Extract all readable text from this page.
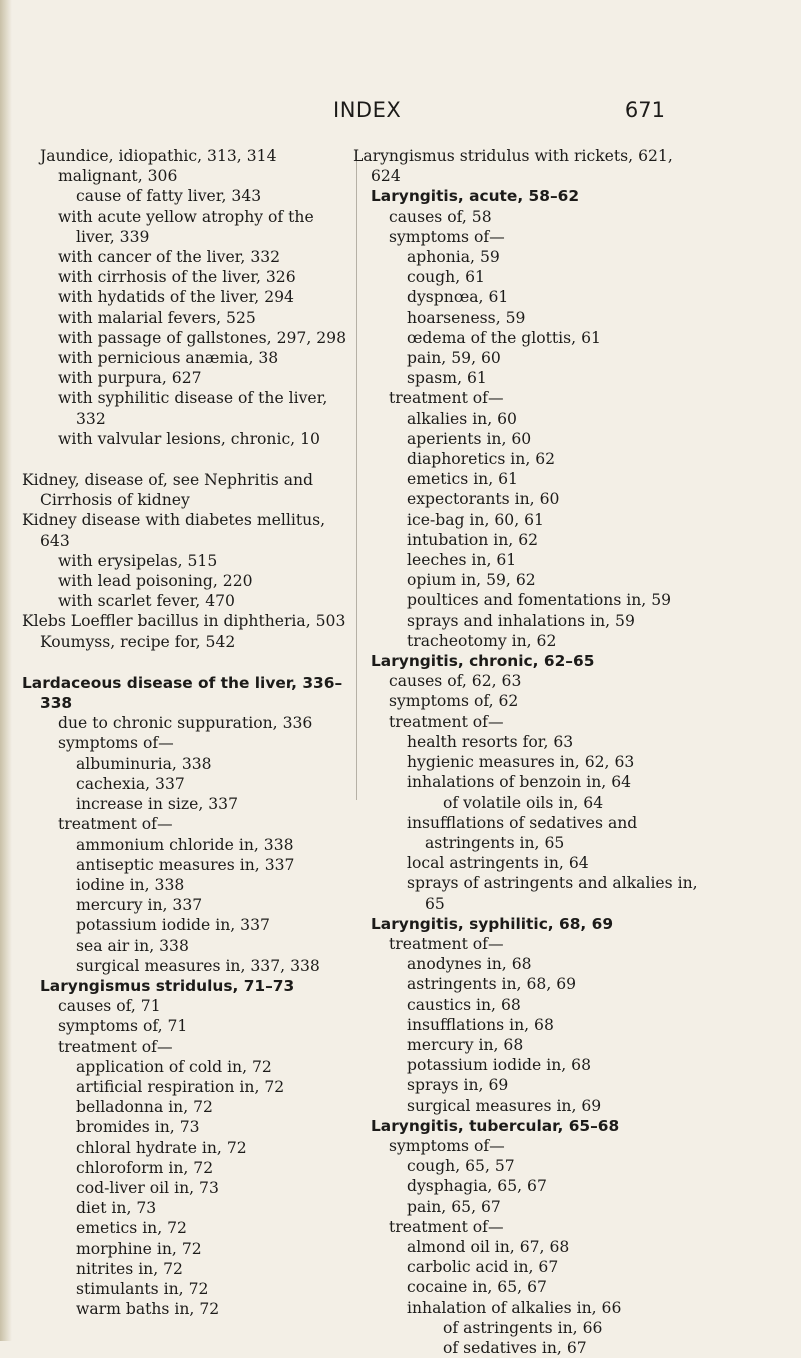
INDEX	671
Jaundice, idiopathic, 313, 314
malignant, 306
cause of fatty liver, 343
with acute yellow atrophy of the liver, 339
with cancer of the liver, 332
with cirrhosis of the liver, 326
with hydatids of the liver, 294
with malarial fevers, 525
with passage of gallstones, 297, 298
with pernicious anæmia, 38
with purpura, 627
with syphilitic disease of the liver, 332
with valvular lesions, chronic, 10
Kidney, disease of, see Nephritis and Cirrhosis of kidney
Kidney disease with diabetes mellitus, 643
with erysipelas, 515
with lead poisoning, 220
with scarlet fever, 470
Klebs Loeffler bacillus in diphtheria, 503
Koumyss, recipe for, 542
Lardaceous disease of the liver, 336–338
due to chronic suppuration, 336
symptoms of—
albuminuria, 338
cachexia, 337
increase in size, 337
treatment of—
ammonium chloride in, 338
antiseptic measures in, 337
iodine in, 338
mercury in, 337
potassium iodide in, 337
sea air in, 338
surgical measures in, 337, 338
Laryngismus stridulus, 71–73
causes of, 71
symptoms of, 71
treatment of—
application of cold in, 72
artificial respiration in, 72
belladonna in, 72
bromides in, 73
chloral hydrate in, 72
chloroform in, 72
cod-liver oil in, 73
diet in, 73
emetics in, 72
morphine in, 72
nitrites in, 72
stimulants in, 72
warm baths in, 72
Laryngismus stridulus with rickets, 621, 624
Laryngitis, acute, 58–62
causes of, 58
symptoms of—
aphonia, 59
cough, 61
dyspnœa, 61
hoarseness, 59
œdema of the glottis, 61
pain, 59, 60
spasm, 61
treatment of—
alkalies in, 60
aperients in, 60
diaphoretics in, 62
emetics in, 61
expectorants in, 60
ice-bag in, 60, 61
intubation in, 62
leeches in, 61
opium in, 59, 62
poultices and fomentations in, 59
sprays and inhalations in, 59
tracheotomy in, 62
Laryngitis, chronic, 62–65
causes of, 62, 63
symptoms of, 62
treatment of—
health resorts for, 63
hygienic measures in, 62, 63
inhalations of benzoin in, 64
of volatile oils in, 64
insufflations of sedatives and astringents in, 65
local astringents in, 64
sprays of astringents and alkalies in, 65
Laryngitis, syphilitic, 68, 69
treatment of—
anodynes in, 68
astringents in, 68, 69
caustics in, 68
insufflations in, 68
mercury in, 68
potassium iodide in, 68
sprays in, 69
surgical measures in, 69
Laryngitis, tubercular, 65–68
symptoms of—
cough, 65, 57
dysphagia, 65, 67
pain, 65, 67
treatment of—
almond oil in, 67, 68
carbolic acid in, 67
cocaine in, 65, 67
inhalation of alkalies in, 66
of astringents in, 66
of sedatives in, 67
